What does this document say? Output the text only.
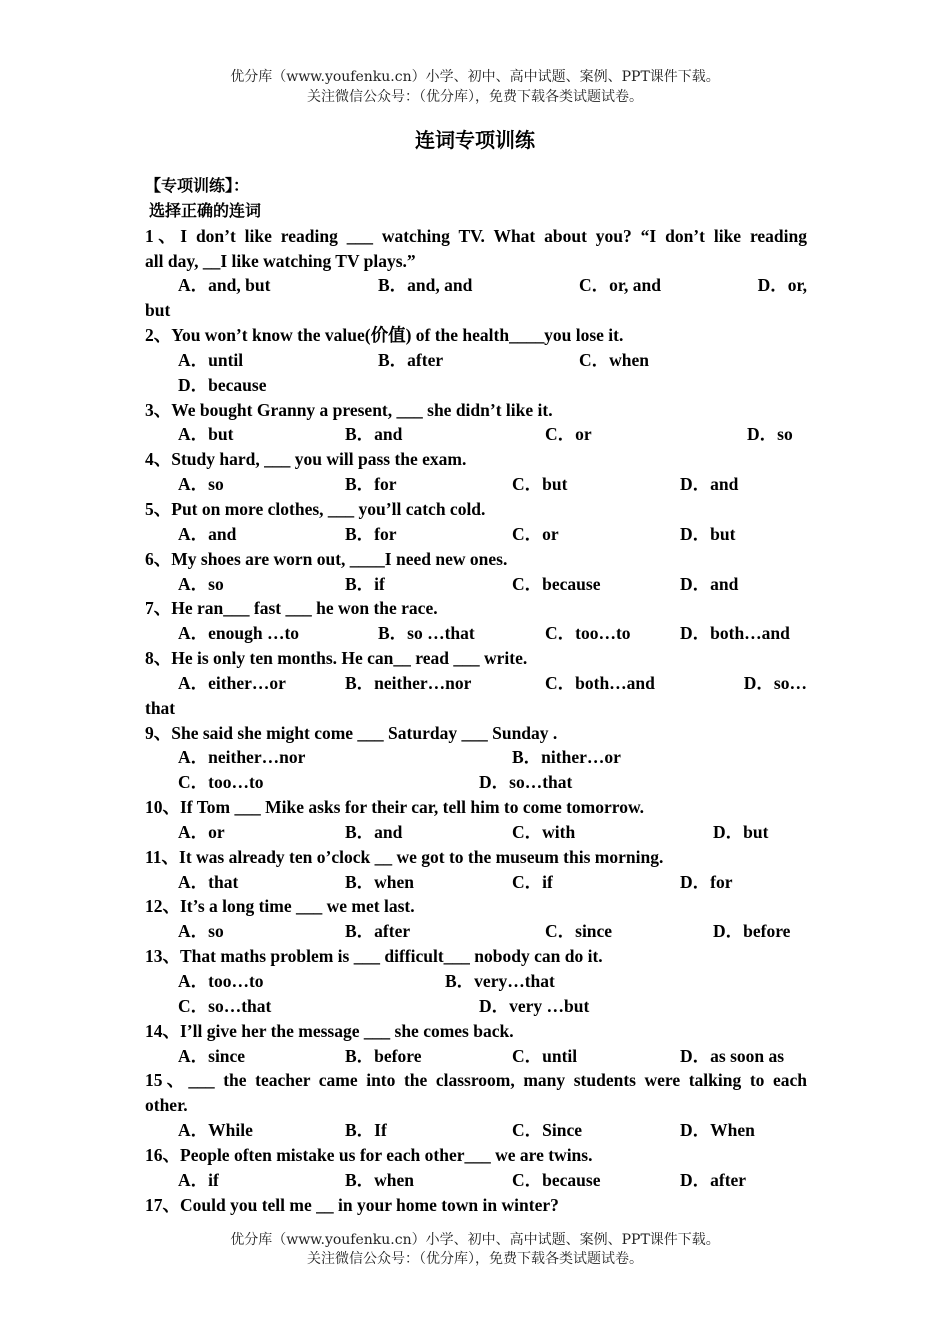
优分库（www.youfenku.cn）小学、初中、高中试题、案例、PPT课件下载。
关注微信公众号：（优分库），免费下载各类试题试卷。
连词专项训练
【专项训练】：
选择正确的连词
1、I don’t like reading ___ watching TV. What about you? “I don’t like reading
all day, __I like watching TV plays.”
A．and, but	B．and, and	C．or, and	D．or,
but
2、You won’t know the value(价值) of the health____you lose it.
A．until	B．after	C．when
D．because
3、We bought Granny a present, ___ she didn’t like it.
A．but	B．and	C．or	D．so
4、Study hard, ___ you will pass the exam.
A．so	B．for	C．but	D．and
5、Put on more clothes, ___ you’ll catch cold.
A．and	B．for	C．or	D．but
6、My shoes are worn out, ____I need new ones.
A．so	B．if	C．because	D．and
7、He ran___ fast ___ he won the race.
A．enough …to	B．so …that	C．too…to	D．both…and
8、He is only ten months. He can__ read ___ write.
A．either…or	B．neither…nor	C．both…and	D．so…
that
9、She said she might come ___ Saturday ___ Sunday .
A．neither…nor	B．nither…or
C．too…to	D．so…that
10、If Tom ___ Mike asks for their car, tell him to come tomorrow.
A．or	B．and	C．with	D．but
11、It was already ten o’clock __ we got to the museum this morning.
A．that	B．when	C．if	D．for
12、It’s a long time ___ we met last.
A．so	B．after	C．since	D．before
13、That maths problem is ___ difficult___ nobody can do it.
A．too…to	B．very…that
C．so…that	D．very …but
14、I’ll give her the message ___ she comes back.
A．since	B．before	C．until	D．as soon as
15、___ the teacher came into the classroom, many students were talking to each
other.
A．While	B．If	C．Since	D．When
16、People often mistake us for each other___ we are twins.
A．if	B．when	C．because	D．after
17、Could you tell me __ in your home town in winter?
优分库（www.youfenku.cn）小学、初中、高中试题、案例、PPT课件下载。
关注微信公众号：（优分库），免费下载各类试题试卷。
